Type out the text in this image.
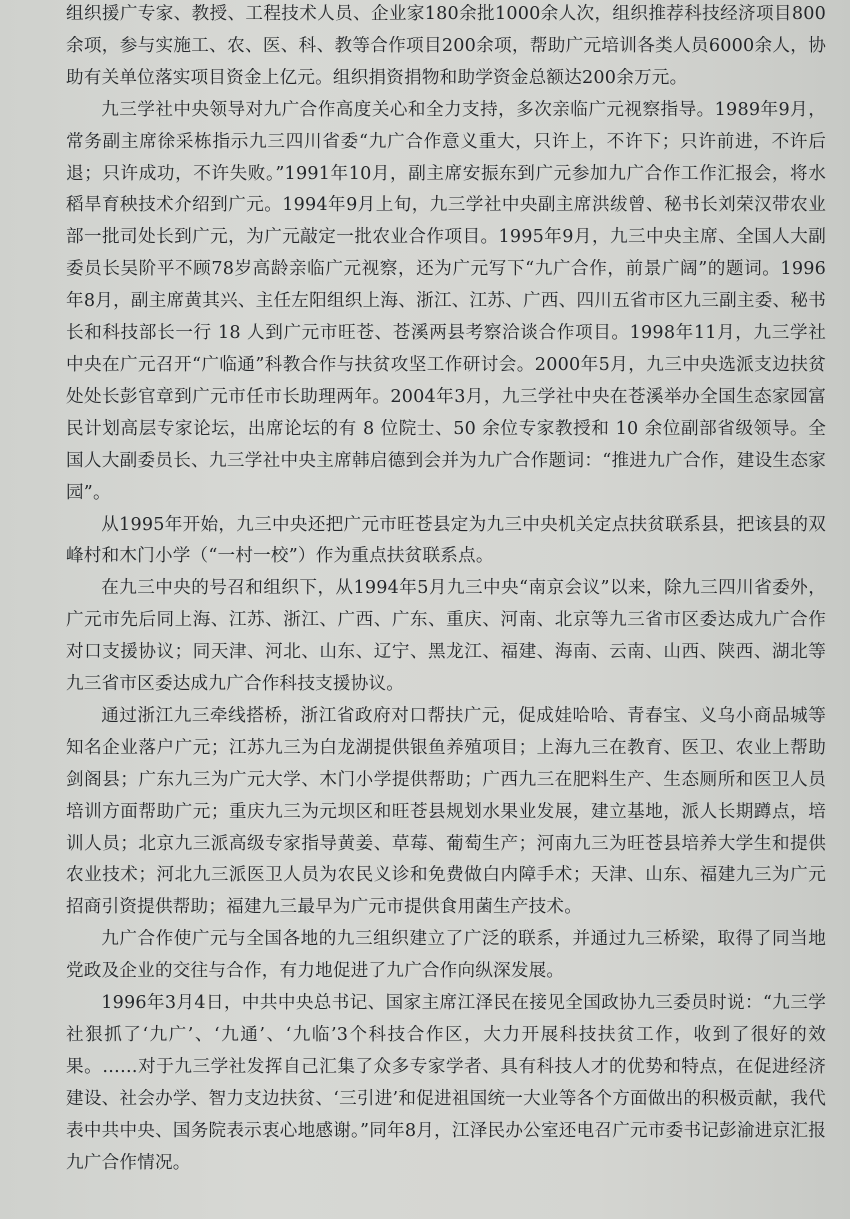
组织援广专家、教授、工程技术人员、企业家180余批1000余人次，组织推荐科技经济项目800余项，参与实施工、农、医、科、教等合作项目200余项，帮助广元培训各类人员6000余人，协助有关单位落实项目资金上亿元。组织捐资捐物和助学资金总额达200余万元。

九三学社中央领导对九广合作高度关心和全力支持，多次亲临广元视察指导。1989年9月，常务副主席徐采栋指示九三四川省委“九广合作意义重大，只许上，不许下；只许前进，不许后退；只许成功，不许失败。”1991年10月，副主席安振东到广元参加九广合作工作汇报会，将水稻旱育秧技术介绍到广元。1994年9月上旬，九三学社中央副主席洪绂曾、秘书长刘荣汉带农业部一批司处长到广元，为广元敲定一批农业合作项目。1995年9月，九三中央主席、全国人大副委员长吴阶平不顾78岁高龄亲临广元视察，还为广元写下“九广合作，前景广阔”的题词。1996年8月，副主席黄其兴、主任左阳组织上海、浙江、江苏、广西、四川五省市区九三副主委、秘书长和科技部长一行 18 人到广元市旺苍、苍溪两县考察洽谈合作项目。1998年11月，九三学社中央在广元召开“广临通”科教合作与扶贫攻坚工作研讨会。2000年5月，九三中央选派支边扶贫处处长彭官章到广元市任市长助理两年。2004年3月，九三学社中央在苍溪举办全国生态家园富民计划高层专家论坛，出席论坛的有 8 位院士、50 余位专家教授和 10 余位副部省级领导。全国人大副委员长、九三学社中央主席韩启德到会并为九广合作题词：“推进九广合作，建设生态家园”。

从1995年开始，九三中央还把广元市旺苍县定为九三中央机关定点扶贫联系县，把该县的双峰村和木门小学（“一村一校”）作为重点扶贫联系点。

在九三中央的号召和组织下，从1994年5月九三中央“南京会议”以来，除九三四川省委外，广元市先后同上海、江苏、浙江、广西、广东、重庆、河南、北京等九三省市区委达成九广合作对口支援协议；同天津、河北、山东、辽宁、黑龙江、福建、海南、云南、山西、陕西、湖北等九三省市区委达成九广合作科技支援协议。

通过浙江九三牵线搭桥，浙江省政府对口帮扶广元，促成娃哈哈、青春宝、义乌小商品城等知名企业落户广元；江苏九三为白龙湖提供银鱼养殖项目；上海九三在教育、医卫、农业上帮助剑阁县；广东九三为广元大学、木门小学提供帮助；广西九三在肥料生产、生态厕所和医卫人员培训方面帮助广元；重庆九三为元坝区和旺苍县规划水果业发展，建立基地，派人长期蹲点，培训人员；北京九三派高级专家指导黄姜、草莓、葡萄生产；河南九三为旺苍县培养大学生和提供农业技术；河北九三派医卫人员为农民义诊和免费做白内障手术；天津、山东、福建九三为广元招商引资提供帮助；福建九三最早为广元市提供食用菌生产技术。

九广合作使广元与全国各地的九三组织建立了广泛的联系，并通过九三桥梁，取得了同当地党政及企业的交往与合作，有力地促进了九广合作向纵深发展。

1996年3月4日，中共中央总书记、国家主席江泽民在接见全国政协九三委员时说：“九三学社狠抓了‘九广’、‘九通’、‘九临’3个科技合作区，大力开展科技扶贫工作，收到了很好的效果。……对于九三学社发挥自己汇集了众多专家学者、具有科技人才的优势和特点，在促进经济建设、社会办学、智力支边扶贫、‘三引进’和促进祖国统一大业等各个方面做出的积极贡献，我代表中共中央、国务院表示衷心地感谢。”同年8月，江泽民办公室还电召广元市委书记彭渝进京汇报九广合作情况。
